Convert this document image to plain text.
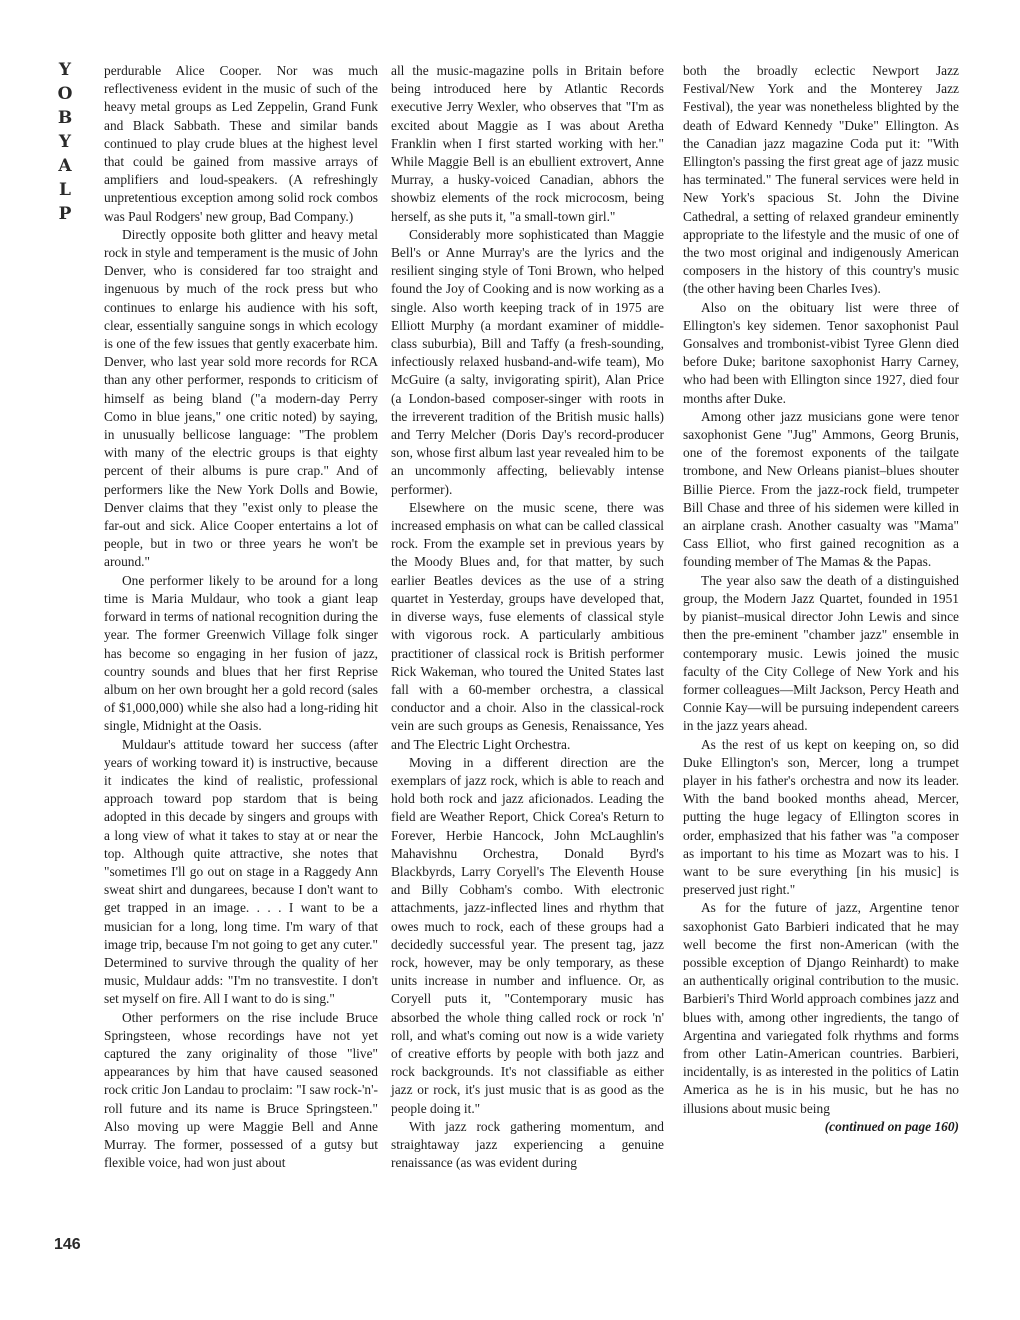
Y
O
B
Y
A
L
P

perdurable Alice Cooper. Nor was much reflectiveness evident in the music of such of the heavy metal groups as Led Zeppelin, Grand Funk and Black Sabbath. These and similar bands continued to play crude blues at the highest level that could be gained from massive arrays of amplifiers and loud-speakers. (A refreshingly unpretentious exception among solid rock combos was Paul Rodgers' new group, Bad Company.)

Directly opposite both glitter and heavy metal rock in style and temperament is the music of John Denver, who is considered far too straight and ingenuous by much of the rock press but who continues to enlarge his audience with his soft, clear, essentially sanguine songs in which ecology is one of the few issues that gently exacerbate him. Denver, who last year sold more records for RCA than any other performer, responds to criticism of himself as being bland ("a modern-day Perry Como in blue jeans," one critic noted) by saying, in unusually bellicose language: "The problem with many of the electric groups is that eighty percent of their albums is pure crap." And of performers like the New York Dolls and Bowie, Denver claims that they "exist only to please the far-out and sick. Alice Cooper entertains a lot of people, but in two or three years he won't be around."

One performer likely to be around for a long time is Maria Muldaur, who took a giant leap forward in terms of national recognition during the year. The former Greenwich Village folk singer has become so engaging in her fusion of jazz, country sounds and blues that her first Reprise album on her own brought her a gold record (sales of $1,000,000) while she also had a long-riding hit single, Midnight at the Oasis.

Muldaur's attitude toward her success (after years of working toward it) is instructive, because it indicates the kind of realistic, professional approach toward pop stardom that is being adopted in this decade by singers and groups with a long view of what it takes to stay at or near the top. Although quite attractive, she notes that "sometimes I'll go out on stage in a Raggedy Ann sweat shirt and dungarees, because I don't want to get trapped in an image. . . . I want to be a musician for a long, long time. I'm wary of that image trip, because I'm not going to get any cuter." Determined to survive through the quality of her music, Muldaur adds: "I'm no transvestite. I don't set myself on fire. All I want to do is sing."

Other performers on the rise include Bruce Springsteen, whose recordings have not yet captured the zany originality of those "live" appearances by him that have caused seasoned rock critic Jon Landau to proclaim: "I saw rock-'n'-roll future and its name is Bruce Springsteen." Also moving up were Maggie Bell and Anne Murray. The former, possessed of a gutsy but flexible voice, had won just about

all the music-magazine polls in Britain before being introduced here by Atlantic Records executive Jerry Wexler, who observes that "I'm as excited about Maggie as I was about Aretha Franklin when I first started working with her." While Maggie Bell is an ebullient extrovert, Anne Murray, a husky-voiced Canadian, abhors the showbiz elements of the rock microcosm, being herself, as she puts it, "a small-town girl."

Considerably more sophisticated than Maggie Bell's or Anne Murray's are the lyrics and the resilient singing style of Toni Brown, who helped found the Joy of Cooking and is now working as a single. Also worth keeping track of in 1975 are Elliott Murphy (a mordant examiner of middle-class suburbia), Bill and Taffy (a fresh-sounding, infectiously relaxed husband-and-wife team), Mo McGuire (a salty, invigorating spirit), Alan Price (a London-based composer-singer with roots in the irreverent tradition of the British music halls) and Terry Melcher (Doris Day's record-producer son, whose first album last year revealed him to be an uncommonly affecting, believably intense performer).

Elsewhere on the music scene, there was increased emphasis on what can be called classical rock. From the example set in previous years by the Moody Blues and, for that matter, by such earlier Beatles devices as the use of a string quartet in Yesterday, groups have developed that, in diverse ways, fuse elements of classical style with vigorous rock. A particularly ambitious practitioner of classical rock is British performer Rick Wakeman, who toured the United States last fall with a 60-member orchestra, a classical conductor and a choir. Also in the classical-rock vein are such groups as Genesis, Renaissance, Yes and The Electric Light Orchestra.

Moving in a different direction are the exemplars of jazz rock, which is able to reach and hold both rock and jazz aficionados. Leading the field are Weather Report, Chick Corea's Return to Forever, Herbie Hancock, John McLaughlin's Mahavishnu Orchestra, Donald Byrd's Blackbyrds, Larry Coryell's The Eleventh House and Billy Cobham's combo. With electronic attachments, jazz-inflected lines and rhythm that owes much to rock, each of these groups had a decidedly successful year. The present tag, jazz rock, however, may be only temporary, as these units increase in number and influence. Or, as Coryell puts it, "Contemporary music has absorbed the whole thing called rock or rock 'n' roll, and what's coming out now is a wide variety of creative efforts by people with both jazz and rock backgrounds. It's not classifiable as either jazz or rock, it's just music that is as good as the people doing it."

With jazz rock gathering momentum, and straightaway jazz experiencing a genuine renaissance (as was evident during

both the broadly eclectic Newport Jazz Festival/New York and the Monterey Jazz Festival), the year was nonetheless blighted by the death of Edward Kennedy "Duke" Ellington. As the Canadian jazz magazine Coda put it: "With Ellington's passing the first great age of jazz music has terminated." The funeral services were held in New York's spacious St. John the Divine Cathedral, a setting of relaxed grandeur eminently appropriate to the lifestyle and the music of one of the two most original and indigenously American composers in the history of this country's music (the other having been Charles Ives).

Also on the obituary list were three of Ellington's key sidemen. Tenor saxophonist Paul Gonsalves and trombonist-vibist Tyree Glenn died before Duke; baritone saxophonist Harry Carney, who had been with Ellington since 1927, died four months after Duke.

Among other jazz musicians gone were tenor saxophonist Gene "Jug" Ammons, Georg Brunis, one of the foremost exponents of the tailgate trombone, and New Orleans pianist–blues shouter Billie Pierce. From the jazz-rock field, trumpeter Bill Chase and three of his sidemen were killed in an airplane crash. Another casualty was "Mama" Cass Elliot, who first gained recognition as a founding member of The Mamas & the Papas.

The year also saw the death of a distinguished group, the Modern Jazz Quartet, founded in 1951 by pianist–musical director John Lewis and since then the pre-eminent "chamber jazz" ensemble in contemporary music. Lewis joined the music faculty of the City College of New York and his former colleagues—Milt Jackson, Percy Heath and Connie Kay—will be pursuing independent careers in the jazz years ahead.

As the rest of us kept on keeping on, so did Duke Ellington's son, Mercer, long a trumpet player in his father's orchestra and now its leader. With the band booked months ahead, Mercer, putting the huge legacy of Ellington scores in order, emphasized that his father was "a composer as important to his time as Mozart was to his. I want to be sure everything [in his music] is preserved just right."

As for the future of jazz, Argentine tenor saxophonist Gato Barbieri indicated that he may well become the first non-American (with the possible exception of Django Reinhardt) to make an authentically original contribution to the music. Barbieri's Third World approach combines jazz and blues with, among other ingredients, the tango of Argentina and variegated folk rhythms and forms from other Latin-American countries. Barbieri, incidentally, is as interested in the politics of Latin America as he is in his music, but he has no illusions about music being

(continued on page 160)

146
